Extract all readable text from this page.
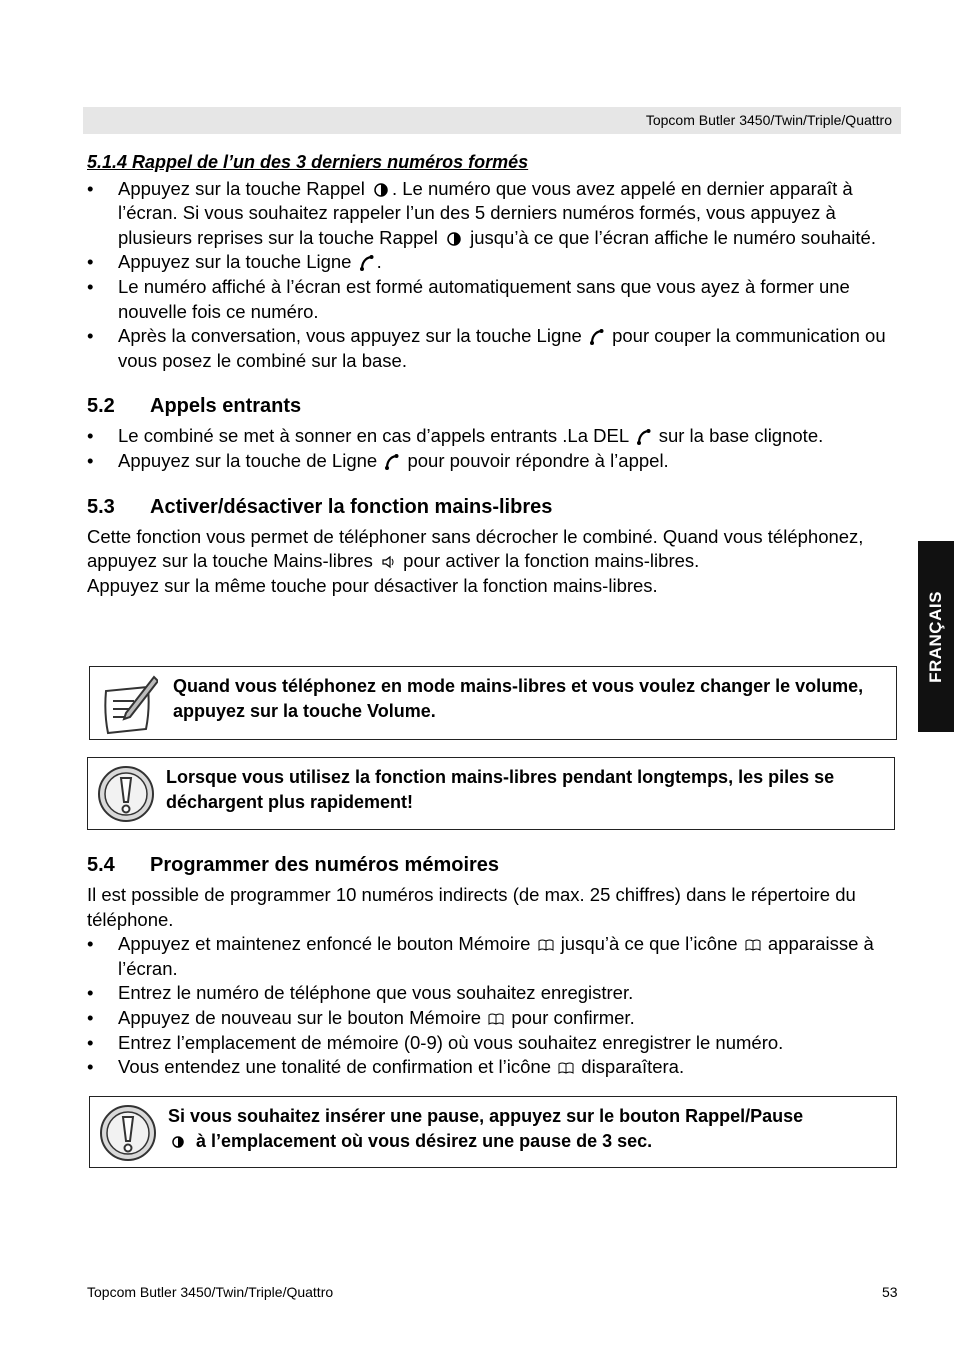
Topcom Butler 3450/Twin/Triple/Quattro
FRANÇAIS
5.1.4 Rappel de l’un des 3 derniers numéros formés
• Appuyez sur la touche Rappel . Le numéro que vous avez appelé en dernier apparaît à l’écran. Si vous souhaitez rappeler l’un des 5 derniers numéros formés, vous appuyez à plusieurs reprises sur la touche Rappel jusqu’à ce que l’écran affiche le numéro souhaité.
• Appuyez sur la touche Ligne .
• Le numéro affiché à l’écran est formé automatiquement sans que vous ayez à former une nouvelle fois ce numéro.
• Après la conversation, vous appuyez sur la touche Ligne pour couper la communication ou vous posez le combiné sur la base.
5.2	Appels entrants
• Le combiné se met à sonner en cas d’appels entrants .La DEL sur la base clignote.
• Appuyez sur la touche de Ligne pour pouvoir répondre à l’appel.
5.3	Activer/désactiver la fonction mains-libres

Cette fonction vous permet de téléphoner sans décrocher le combiné. Quand vous téléphonez,

appuyez sur la touche Mains-libres pour activer la fonction mains-libres.

Appuyez sur la même touche pour désactiver la fonction mains-libres.

Quand vous téléphonez en mode mains-libres et vous voulez changer le volume, appuyez sur la touche Volume.
Lorsque vous utilisez la fonction mains-libres pendant longtemps, les piles se déchargent plus rapidement!
5.4	Programmer des numéros mémoires

Il est possible de programmer 10 numéros indirects (de max. 25 chiffres) dans le répertoire du téléphone.

• Appuyez et maintenez enfoncé le bouton Mémoire jusqu’à ce que l’icône apparaisse à l’écran.
• Entrez le numéro de téléphone que vous souhaitez enregistrer.
• Appuyez de nouveau sur le bouton Mémoire pour confirmer.
• Entrez l’emplacement de mémoire (0-9) où vous souhaitez enregistrer le numéro.
• Vous entendez une tonalité de confirmation et l’icône disparaîtera.
Si vous souhaitez insérer une pause, appuyez sur le bouton Rappel/Pause
à l’emplacement où vous désirez une pause de 3 sec.
Topcom Butler 3450/Twin/Triple/Quattro	53
